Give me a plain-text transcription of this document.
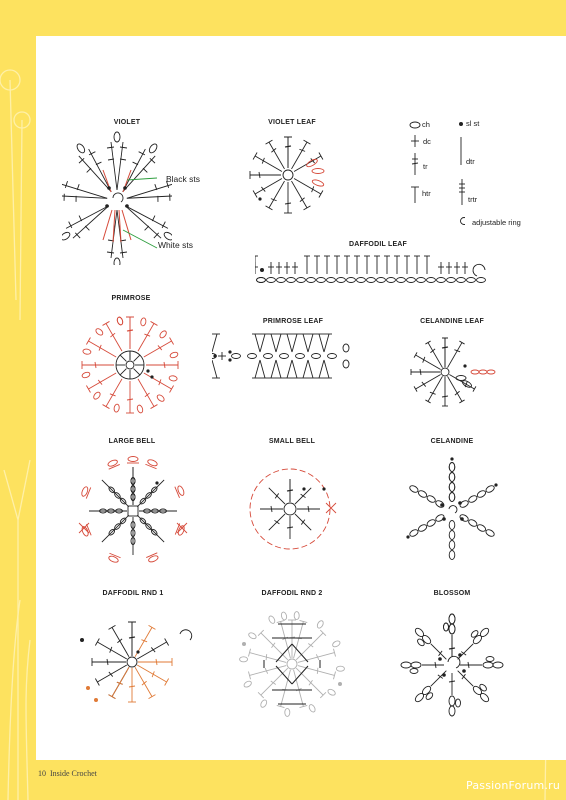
VIOLET	VIOLET LEAF
DAFFODIL LEAF
PRIMROSE
PRIMROSE LEAF	CELANDINE LEAF
LARGE BELL	SMALL BELL	CELANDINE
DAFFODIL RND 1	DAFFODIL RND 2	BLOSSOM
Black sts
White sts
ch	sl st
dc
tr
dtr
htr
trtr
adjustable ring
10 Inside Crochet
PassionForum.ru
